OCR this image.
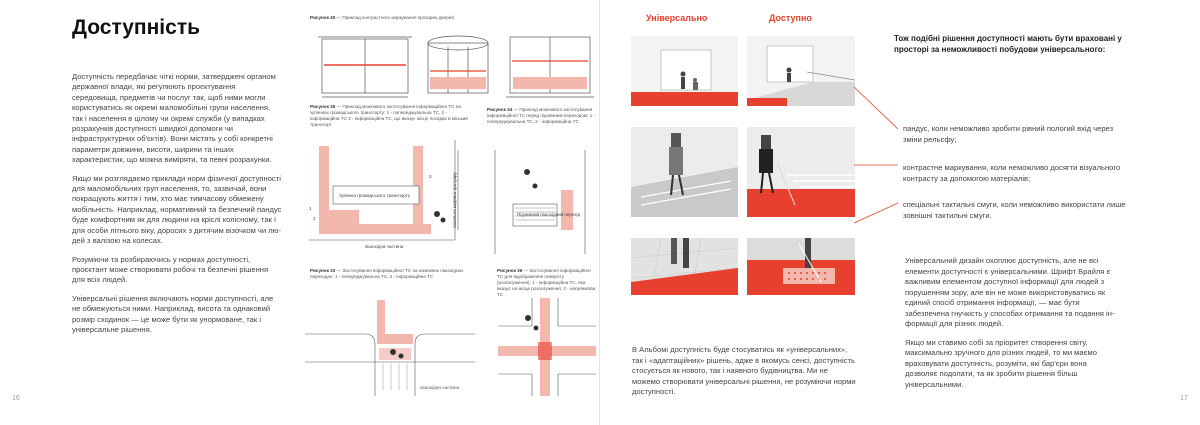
Доступність

Доступність передбачає чіткі норми, затверджені органом державної влади, які регулюють проєктування середовища, предметів чи послуг так, щоб ними могли користуватись як окремі маломобільні групи населення, так і населення в цілому чи окремі служби (у випадках розрахунків доступності швидкої допомоги чи інфраструктурних об'єктів). Вони містять у собі конкретні параметри довжини, висоти, ширини та інших характеристик, що можна виміряти, та певні розрахунки.

Якщо ми розглядаємо приклади норм фізичної доступності для маломобільних груп населення, то, зазвичай, вони покращують життя і тим, хто має тимчасову обмежену мобільність. Наприклад, нормативний та безпечний пандус буде комфортним як для людини на кріслі колісному, так і для особи літнього віку, доросих з дитячим візочком чи людей з валізою на колесах.

Розуміючи та розбираючись у нормах доступності, проєктант може створювати робочі та безпечні рішення для всіх людей.

Універсальні рішення включають норми доступності, але не обмежуються ними. Наприклад, висота та однаковий розмір сходинок — це може бути як унормоване, так і універсальне рішення.

Рисунок 40 — Приклад контрастного маркування прозорих дверей
Рисунок 35 — Приклад можливого застосування інформаційної ТС на зупинках громадського транспорту: 1 - попереджувальна ТС, 2 - інформаційна ТС 3 - інформаційна ТС, що вказує місце посадки в міський транспорт
Зупинка громадського транспорту
пішохідна частина
1
2
3	загальна ширина тротуару
Рисунок 34 — Приклад можливого застосування інформаційної ТС перед підземним переходом: 1 - попереджувальна ТС, 2 - інформаційна ТС
Підземний пішохідний перехід
Рисунок 33 — Застосування інформаційної ТС на наземних пішохідних переходах: 1 - попереджувальна ТС, 2 - інформаційна ТС
Рисунок 36 — Застосування інформаційної ТС для відображення повороту (розгалуження): 1 - інформаційна ТС, яка вказує на місце розгалуження; 2 - напрямкова ТС
пішохідна частина
16
Універсально	Доступно
Тож подібні рішення доступності мають бути враховані у просторі за неможливості побудови універсального:
пандус, коли неможливо зробити рівний пологий вхід через зміни рельєфу;
контрастне маркування, коли неможливо досягти візуального контрасту за допомогою матеріалів;
спеціальні тактильні смуги, коли неможливо використати лише зовнішні тактильні смуги.
В Альбомі доступність буде стосуватись як «універсальних», так і «адаптаційних» рішень, адже в якомусь сенсі, доступність стосується як нового, так і наявного будівництва. Ми не можемо створювати універсальні рішення, не розуміючи норми доступності.

Універсальний дизайн охоплює доступність, але не всі елементи доступності є універсальними. Шрифт Брайля є важливим елементом доступної інформації для людей з порушенням зору, але він не може використовуватись як єдиний спосіб отримання інформації, — має бути забезпечена гнучкість у способах отримання та подання інформації для різних людей.

Якщо ми ставимо собі за пріоритет створення світу, максимально зручного для різних людей, то ми маємо враховувати доступність, розуміти, які бар'єри вона дозволяє подолати, та як зробити рішення більш універсальними.

17
